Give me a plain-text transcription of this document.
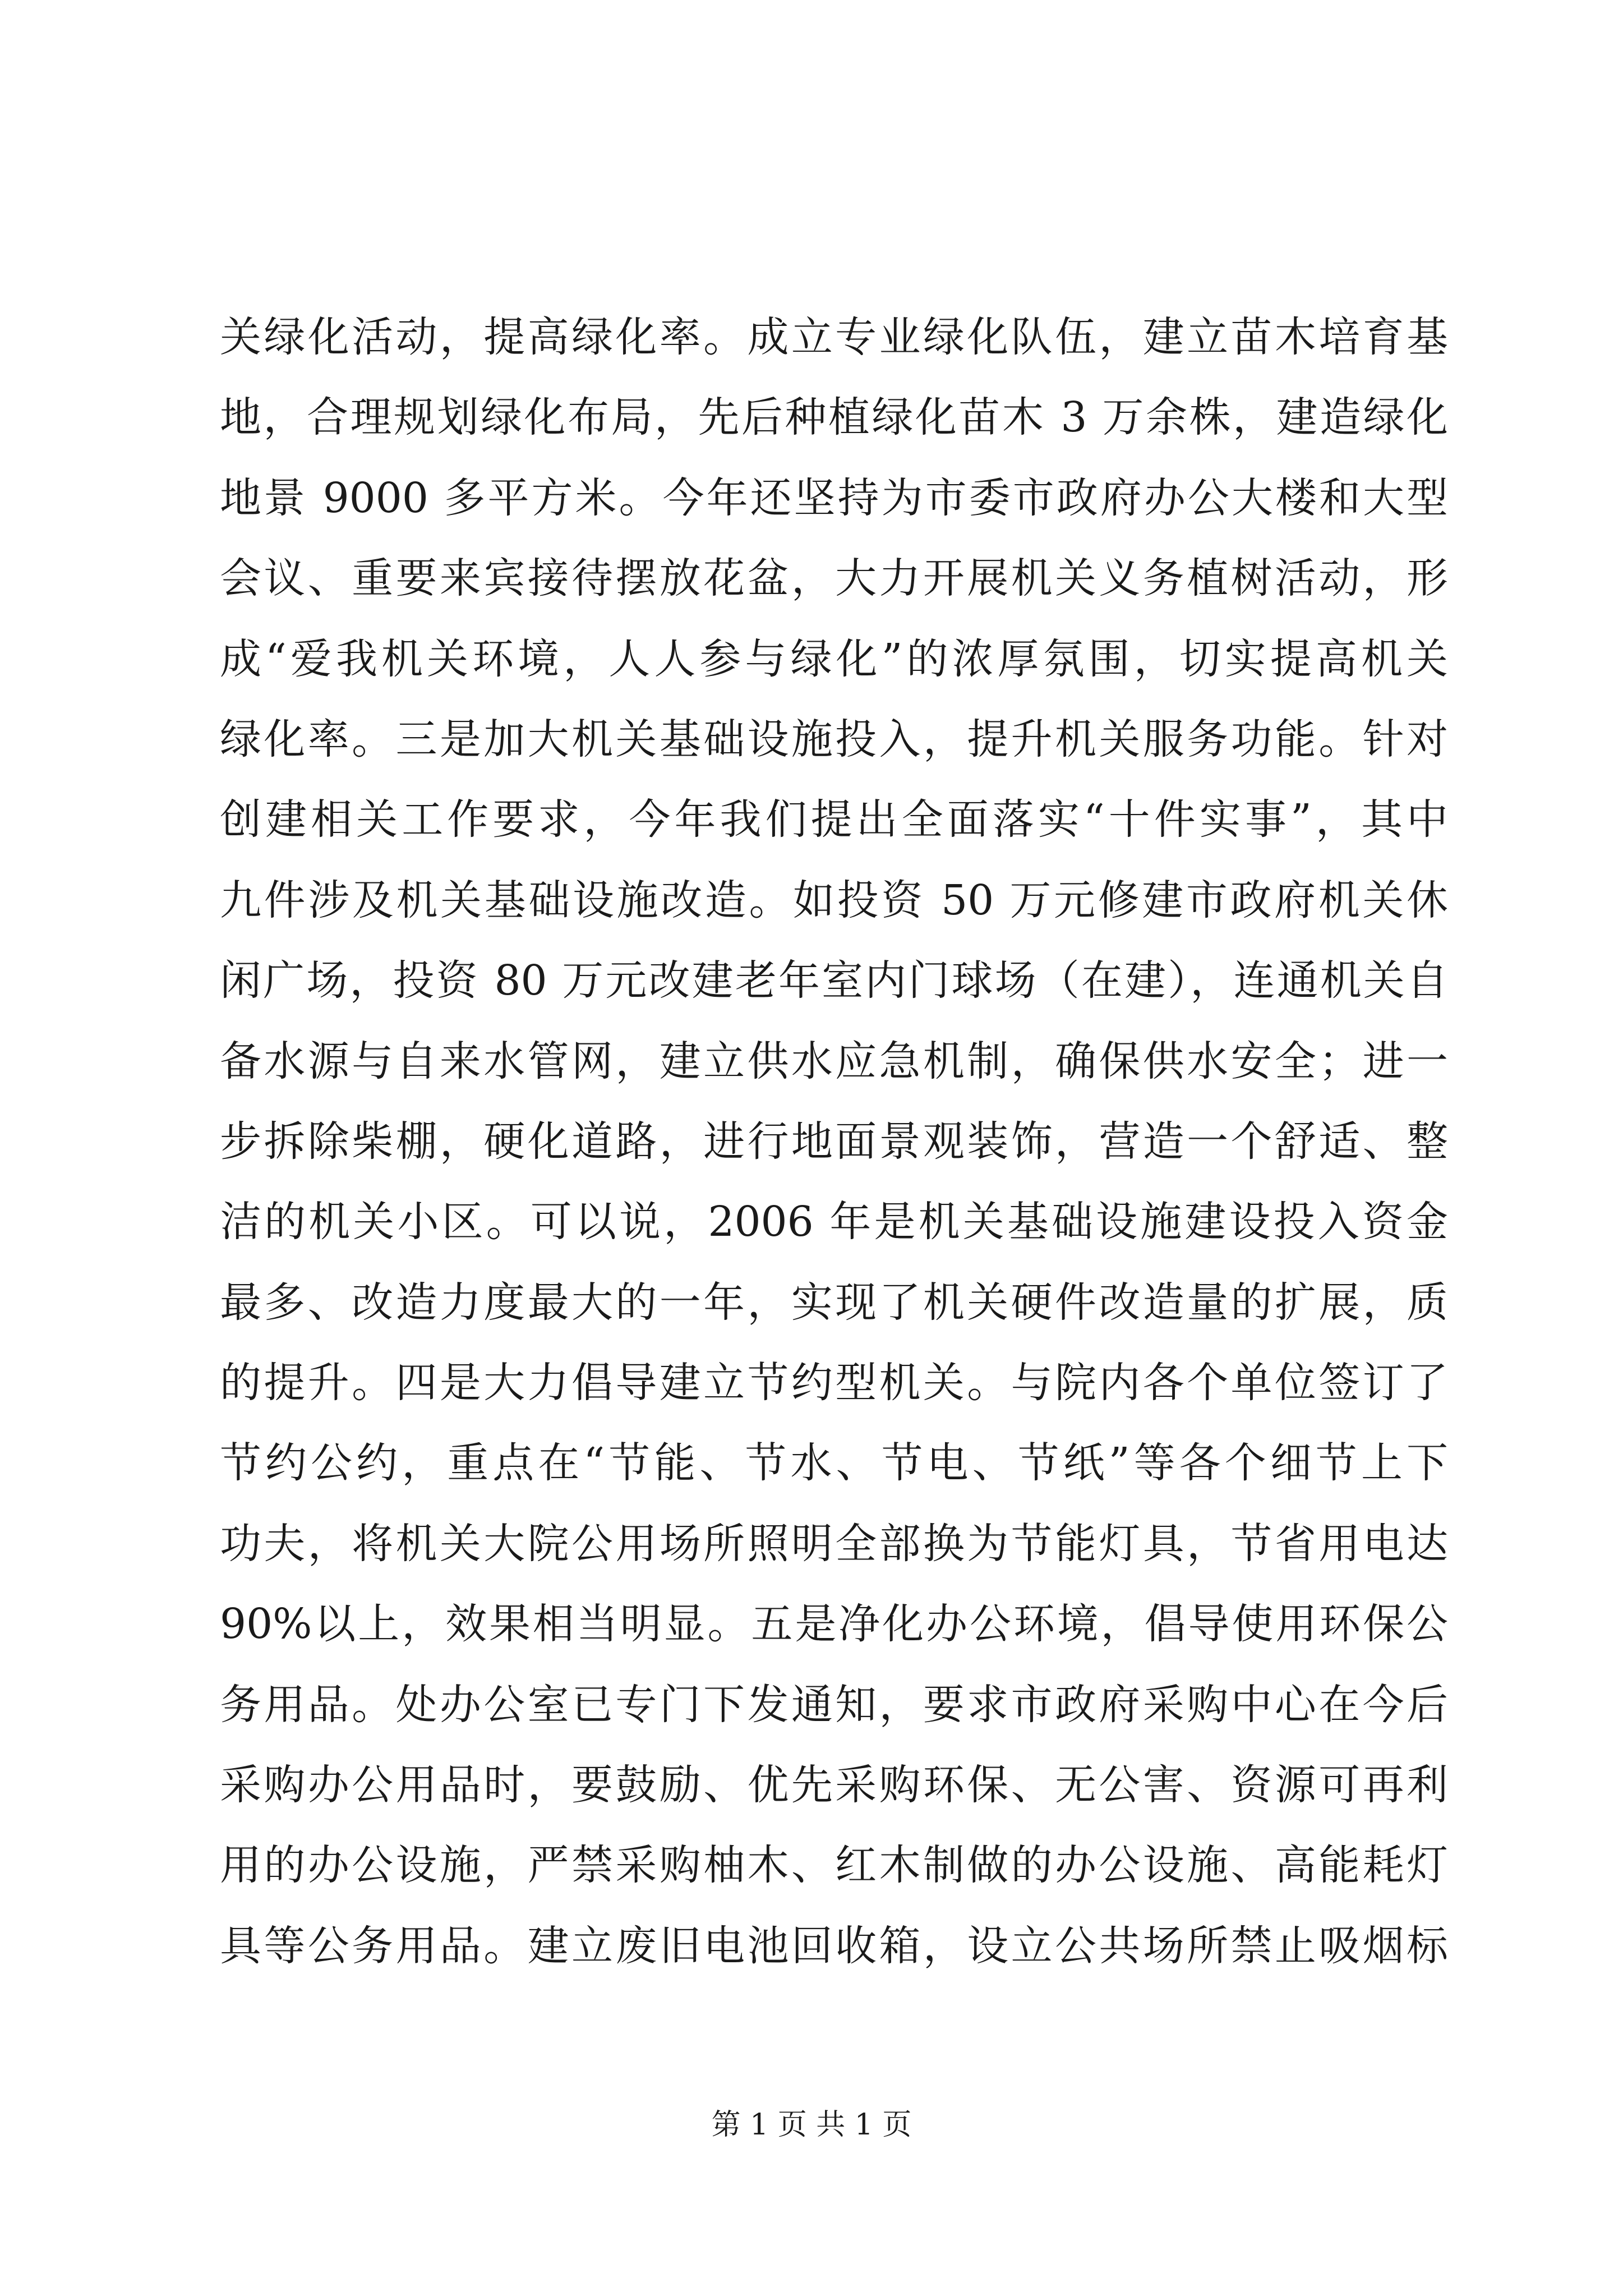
关绿化活动，提高绿化率。成立专业绿化队伍，建立苗木培育基
地，合理规划绿化布局，先后种植绿化苗木 3 万余株，建造绿化
地景 9000 多平方米。今年还坚持为市委市政府办公大楼和大型
会议、重要来宾接待摆放花盆，大力开展机关义务植树活动，形
成“爱我机关环境，人人参与绿化”的浓厚氛围，切实提高机关
绿化率。三是加大机关基础设施投入，提升机关服务功能。针对
创建相关工作要求，今年我们提出全面落实“十件实事”，其中
九件涉及机关基础设施改造。如投资 50 万元修建市政府机关休
闲广场，投资 80 万元改建老年室内门球场（在建），连通机关自
备水源与自来水管网，建立供水应急机制，确保供水安全；进一
步拆除柴棚，硬化道路，进行地面景观装饰，营造一个舒适、整
洁的机关小区。可以说，2006 年是机关基础设施建设投入资金
最多、改造力度最大的一年，实现了机关硬件改造量的扩展，质
的提升。四是大力倡导建立节约型机关。与院内各个单位签订了
节约公约，重点在“节能、节水、节电、节纸”等各个细节上下
功夫，将机关大院公用场所照明全部换为节能灯具，节省用电达
90%以上，效果相当明显。五是净化办公环境，倡导使用环保公
务用品。处办公室已专门下发通知，要求市政府采购中心在今后
采购办公用品时，要鼓励、优先采购环保、无公害、资源可再利
用的办公设施，严禁采购柚木、红木制做的办公设施、高能耗灯
具等公务用品。建立废旧电池回收箱，设立公共场所禁止吸烟标
第 1 页 共 1 页
